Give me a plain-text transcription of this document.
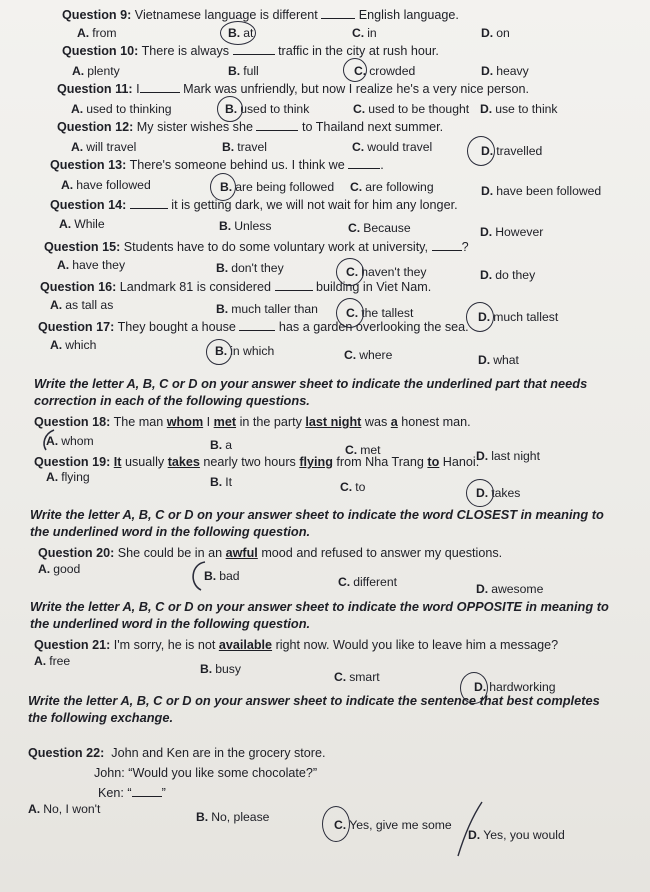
Question 9: Vietnamese language is different	English language.
A. from	B. at	C. in	D. on
Question 10: There is always	traffic in the city at rush hour.
A. plenty	B. full	C. crowded	D. heavy
Question 11: I	Mark was unfriendly, but now I realize he's a very nice person.
A. used to thinking	B. used to think	C. used to be thought D. use to think
Question 12: My sister wishes she	to Thailand next summer.
A. will travel	B. travel	C. would travel	D. travelled
Question 13: There's someone behind us. I think we	.
A. have followed	B. are being followed C. are following	D. have been followed
Question 14:	it is getting dark, we will not wait for him any longer.
A. While	B. Unless	C. Because	D. However
Question 15: Students have to do some voluntary work at university,	?
A. have they	B. don't they	C. haven't they	D. do they
Question 16: Landmark 81 is considered	building in Viet Nam.
A. as tall as	B. much taller than C. the tallest	D. much tallest
Question 17: They bought a house	has a garden overlooking the sea.
A. which	B. in which	C. where	D. what
Write the letter A, B, C or D on your answer sheet to indicate the underlined part that needs correction in each of the following questions.
Question 18: The man whom I met in the party last night was a honest man.
A. whom	B. a	C. met	D. last night
Question 19: It usually takes nearly two hours flying from Nha Trang to Hanoi.
A. flying	B. It	C. to	D. takes
Write the letter A, B, C or D on your answer sheet to indicate the word CLOSEST in meaning to the underlined word in the following question.
Question 20: She could be in an awful mood and refused to answer my questions.
A. good	B. bad	C. different	D. awesome
Write the letter A, B, C or D on your answer sheet to indicate the word OPPOSITE in meaning to the underlined word in the following question.
Question 21: I'm sorry, he is not available right now. Would you like to leave him a message?
A. free
B. busy
C. smart
D. hardworking
Write the letter A, B, C or D on your answer sheet to indicate the sentence that best completes the following exchange.
Question 22: John and Ken are in the grocery store.
John: “Would you like some chocolate?”
Ken: “ ”
A. No, I won't
B. No, please
C. Yes, give me some
D. Yes, you would
